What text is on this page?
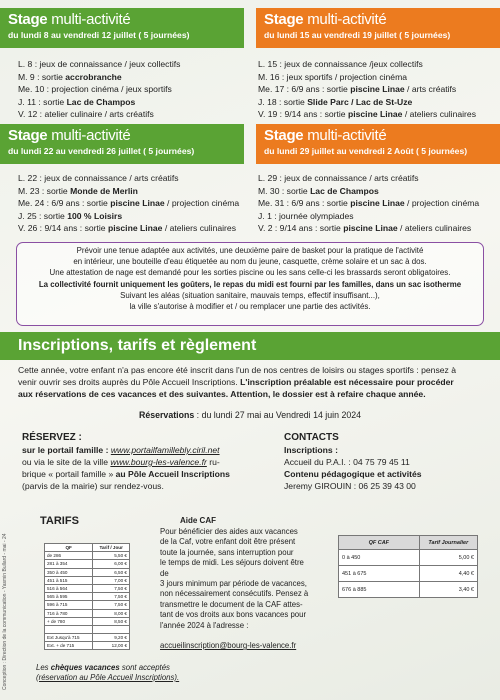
Stage multi-activité
du lundi 8 au vendredi 12 juillet ( 5 journées)
Stage multi-activité
du lundi 15 au vendredi 19 juillet ( 5 journées)
L. 8 : jeux de connaissance / jeux collectifs
M. 9 : sortie accrobranche
Me. 10 : projection cinéma / jeux sportifs
J. 11 : sortie Lac de Champos
V. 12 : atelier culinaire / arts créatifs
L. 15 : jeux de connaissance /jeux collectifs
M. 16 : jeux sportifs / projection cinéma
Me. 17 : 6/9 ans : sortie piscine Linae / arts créatifs
J. 18 : sortie Slide Parc / Lac de St-Uze
V. 19 : 9/14 ans : sortie piscine Linae / ateliers culinaires
Stage multi-activité
du lundi 22 au vendredi 26 juillet ( 5 journées)
Stage multi-activité
du lundi 29 juillet au vendredi 2 Août ( 5 journées)
L. 22 : jeux de connaissance / arts créatifs
M. 23 : sortie Monde de Merlin
Me. 24 : 6/9 ans : sortie piscine Linae / projection cinéma
J. 25 : sortie 100 % Loisirs
V. 26 : 9/14 ans : sortie piscine Linae / ateliers culinaires
L. 29 : jeux de connaissance / arts créatifs
M. 30 : sortie Lac de Champos
Me. 31 : 6/9 ans : sortie piscine Linae / projection cinéma
J. 1 : journée olympiades
V. 2 : 9/14 ans : sortie piscine Linae / ateliers culinaires
Prévoir une tenue adaptée aux activités, une deuxième paire de basket pour la pratique de l'activité
en intérieur, une bouteille d'eau étiquetée au nom du jeune, casquette, crème solaire et un sac à dos.
Une attestation de nage est demandé pour les sorties piscine ou les sans celle-ci les brassards seront obligatoires.
La collectivité fournit uniquement les goûters, le repas du midi est fourni par les familles, dans un sac isotherme
Suivant les aléas (situation sanitaire, mauvais temps, effectif insuffisant...),
la ville s'autorise à modifier et / ou remplacer une partie des activités.
Inscriptions, tarifs et règlement
Cette année, votre enfant n'a pas encore été inscrit dans l'un de nos centres de loisirs ou stages sportifs : pensez à
venir ouvrir ses droits auprès du Pôle Accueil Inscriptions. L'inscription préalable est nécessaire pour procéder
aux réservations de ces vacances et des suivantes. Attention, le dossier est à refaire chaque année.
Réservations : du lundi 27 mai au Vendredi 14 juin 2024
RÉSERVEZ :
sur le portail famille : www.portailfamillebly.ciril.net
ou via le site de la ville www.bourg-les-valence.fr ru-
brique « portail famille » au Pôle Accueil Inscriptions
(parvis de la mairie) sur rendez-vous.
CONTACTS
Inscriptions :
Accueil du P.A.I. : 04 75 79 45 11
Contenu pédagogique et activités
Jeremy GIROUIN : 06 25 39 43 00
TARIFS
QF	Tarif / Jour
de 286	5,50 €
281 à 354	6,00 €
350 à 450	6,50 €
451 à 515	7,00 €
516 à 564	7,50 €
565 à 595	7,50 €
596 à 715	7,50 €
716 à 780	8,00 €
+ de 780	8,50 €

Ext Jusqu'à 715	9,20 €
Ext. + de 715	12,00 €
Aide CAF
Pour bénéficier des aides aux vacances
de la Caf, votre enfant doit être présent
toute la journée, sans interruption pour
le temps de midi. Les séjours doivent être de
3 jours minimum par période de vacances,
non nécessairement consécutifs. Pensez à
transmettre le document de la CAF attes-
tant de vos droits aux bons vacances pour
l'année 2024 à l'adresse :
accueilinscription@bourg-les-valence.fr
QF CAF	Tarif Journalier
0 à 450	5,00 €
451 à 675	4,40 €
676 à 885	3,40 €
Les chèques vacances sont acceptés
(réservation au Pôle Accueil Inscriptions).
Conception : Direction de la communication - Yasmin Bullard - mai - 24
